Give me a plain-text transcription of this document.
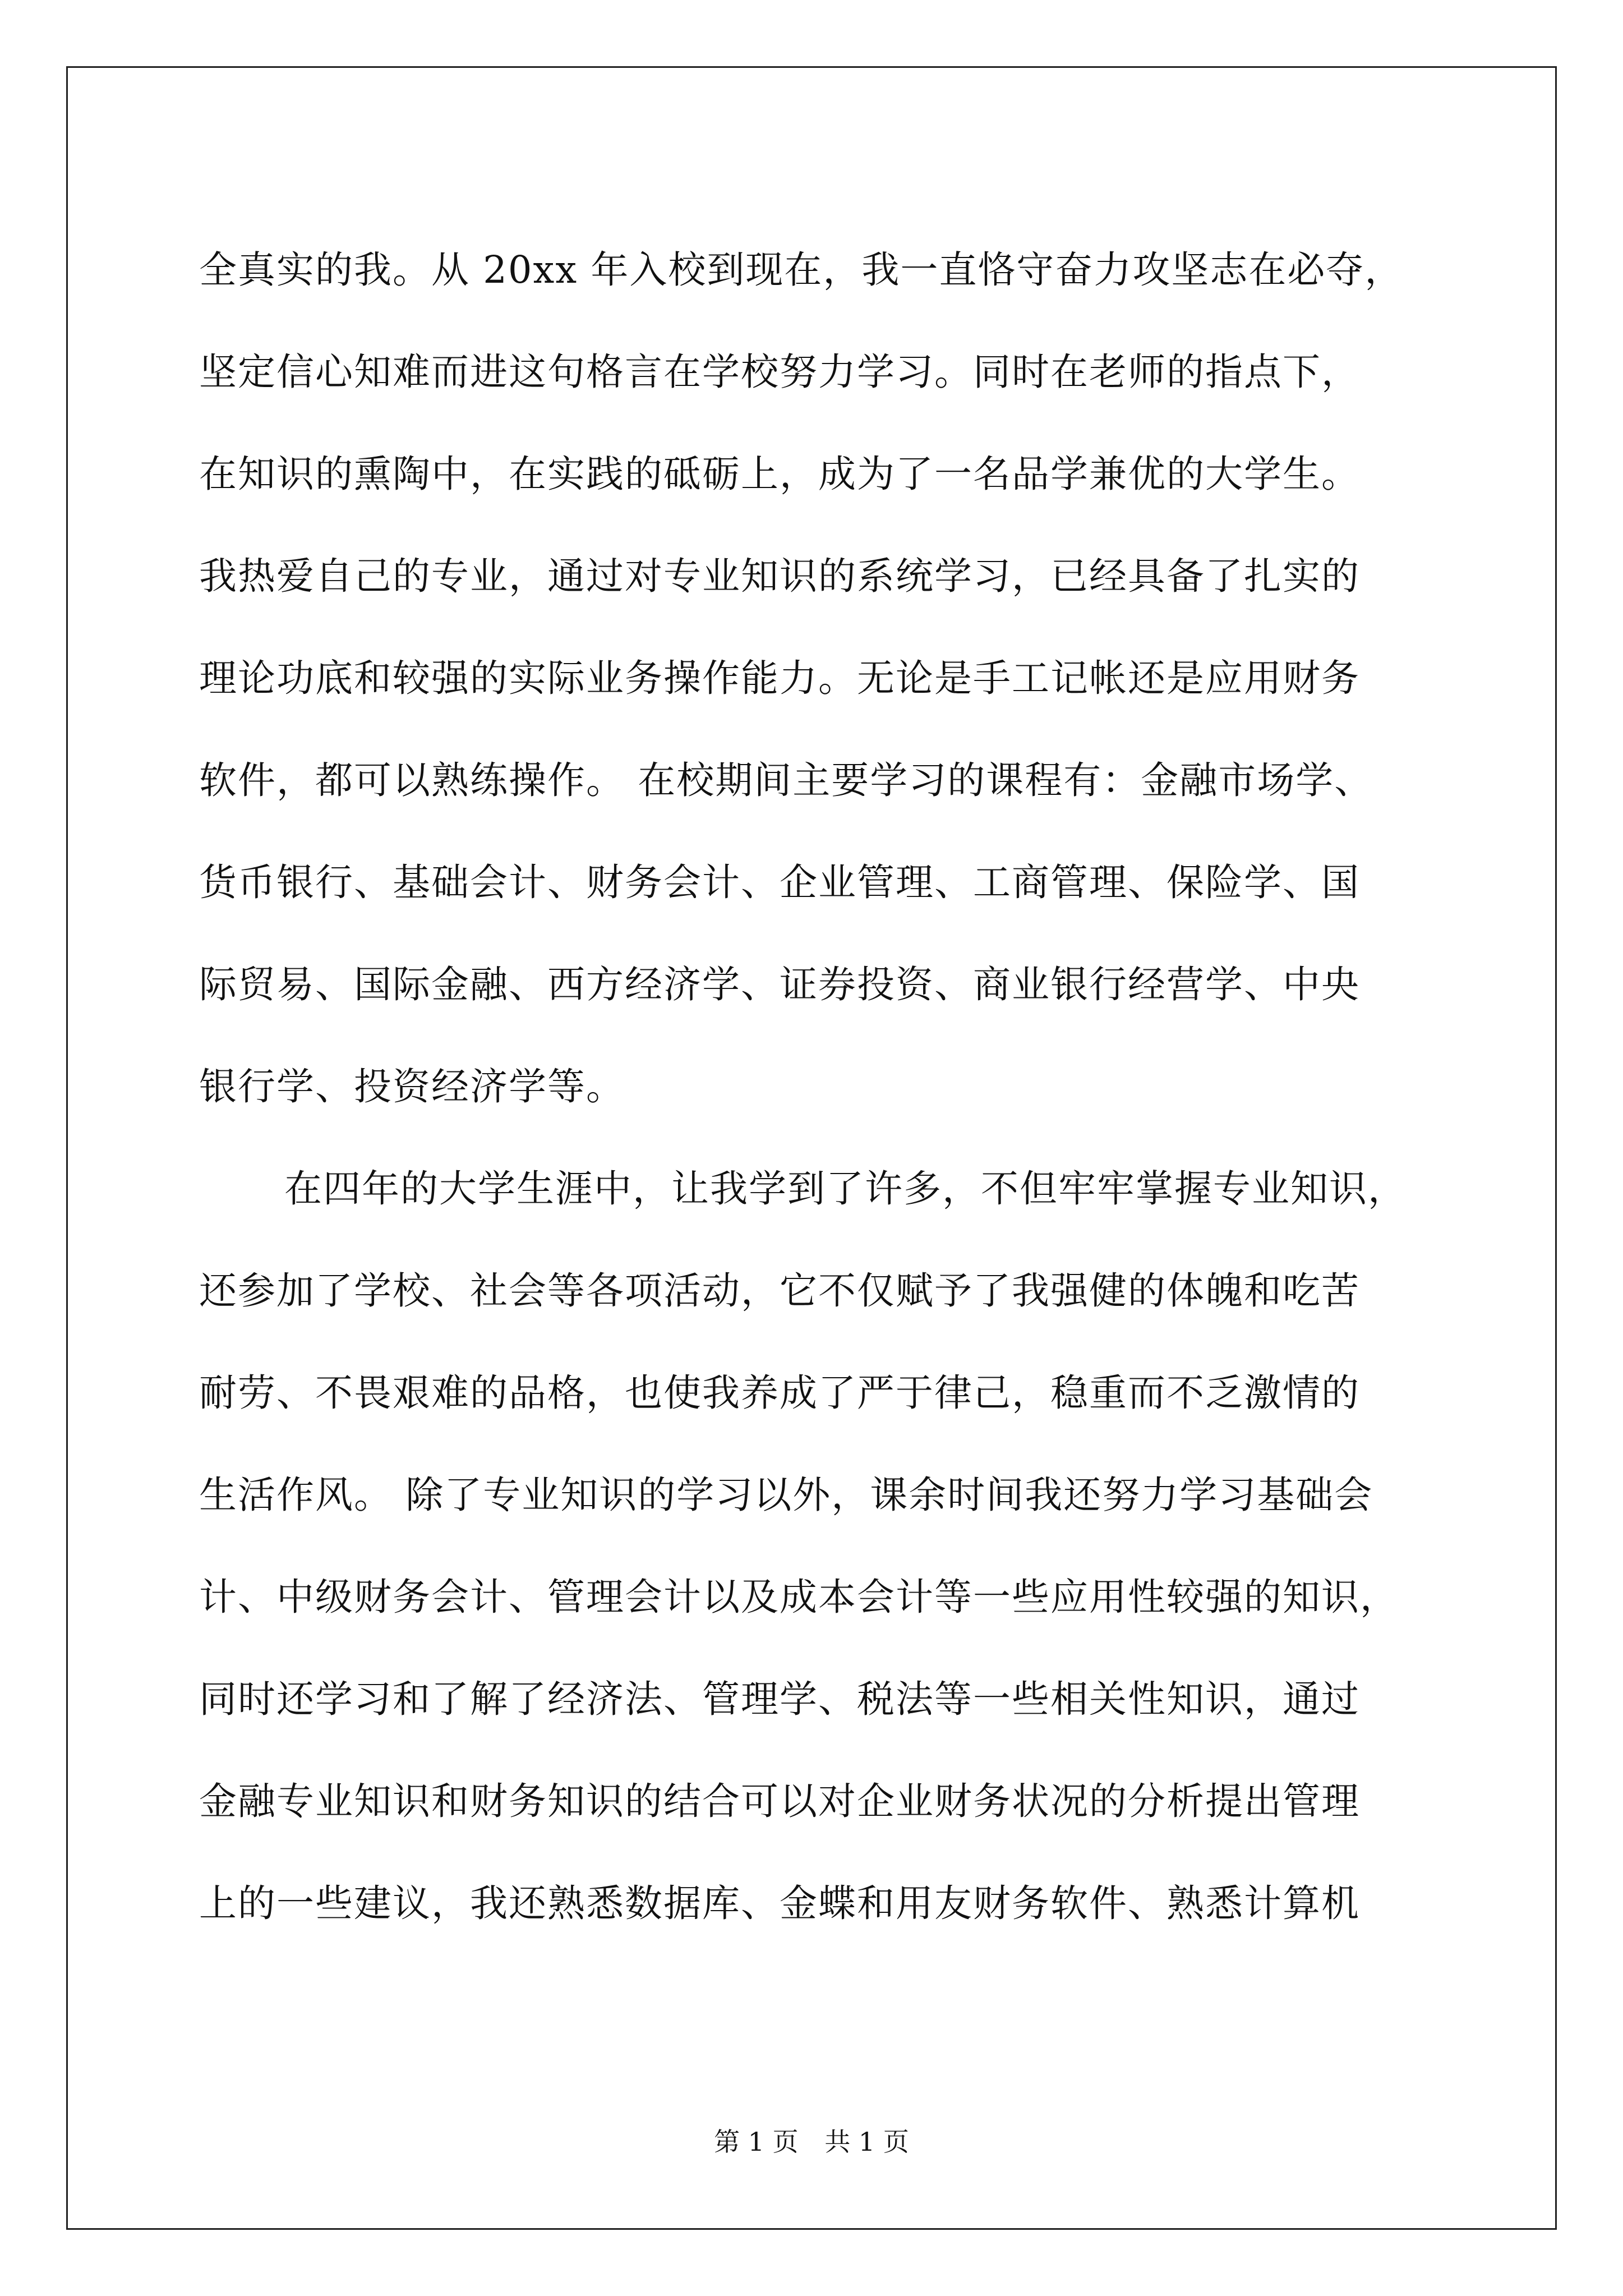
全真实的我。从 20xx 年入校到现在，我一直恪守奋力攻坚志在必夺，
坚定信心知难而进这句格言在学校努力学习。同时在老师的指点下，
在知识的熏陶中，在实践的砥砺上，成为了一名品学兼优的大学生。
我热爱自己的专业，通过对专业知识的系统学习，已经具备了扎实的
理论功底和较强的实际业务操作能力。无论是手工记帐还是应用财务
软件，都可以熟练操作。 在校期间主要学习的课程有：金融市场学、
货币银行、基础会计、财务会计、企业管理、工商管理、保险学、国
际贸易、国际金融、西方经济学、证券投资、商业银行经营学、中央
银行学、投资经济学等。
在四年的大学生涯中，让我学到了许多，不但牢牢掌握专业知识，
还参加了学校、社会等各项活动，它不仅赋予了我强健的体魄和吃苦
耐劳、不畏艰难的品格，也使我养成了严于律己，稳重而不乏激情的
生活作风。 除了专业知识的学习以外，课余时间我还努力学习基础会
计、中级财务会计、管理会计以及成本会计等一些应用性较强的知识，
同时还学习和了解了经济法、管理学、税法等一些相关性知识，通过
金融专业知识和财务知识的结合可以对企业财务状况的分析提出管理
上的一些建议，我还熟悉数据库、金蝶和用友财务软件、熟悉计算机
第 1 页 共 1 页
